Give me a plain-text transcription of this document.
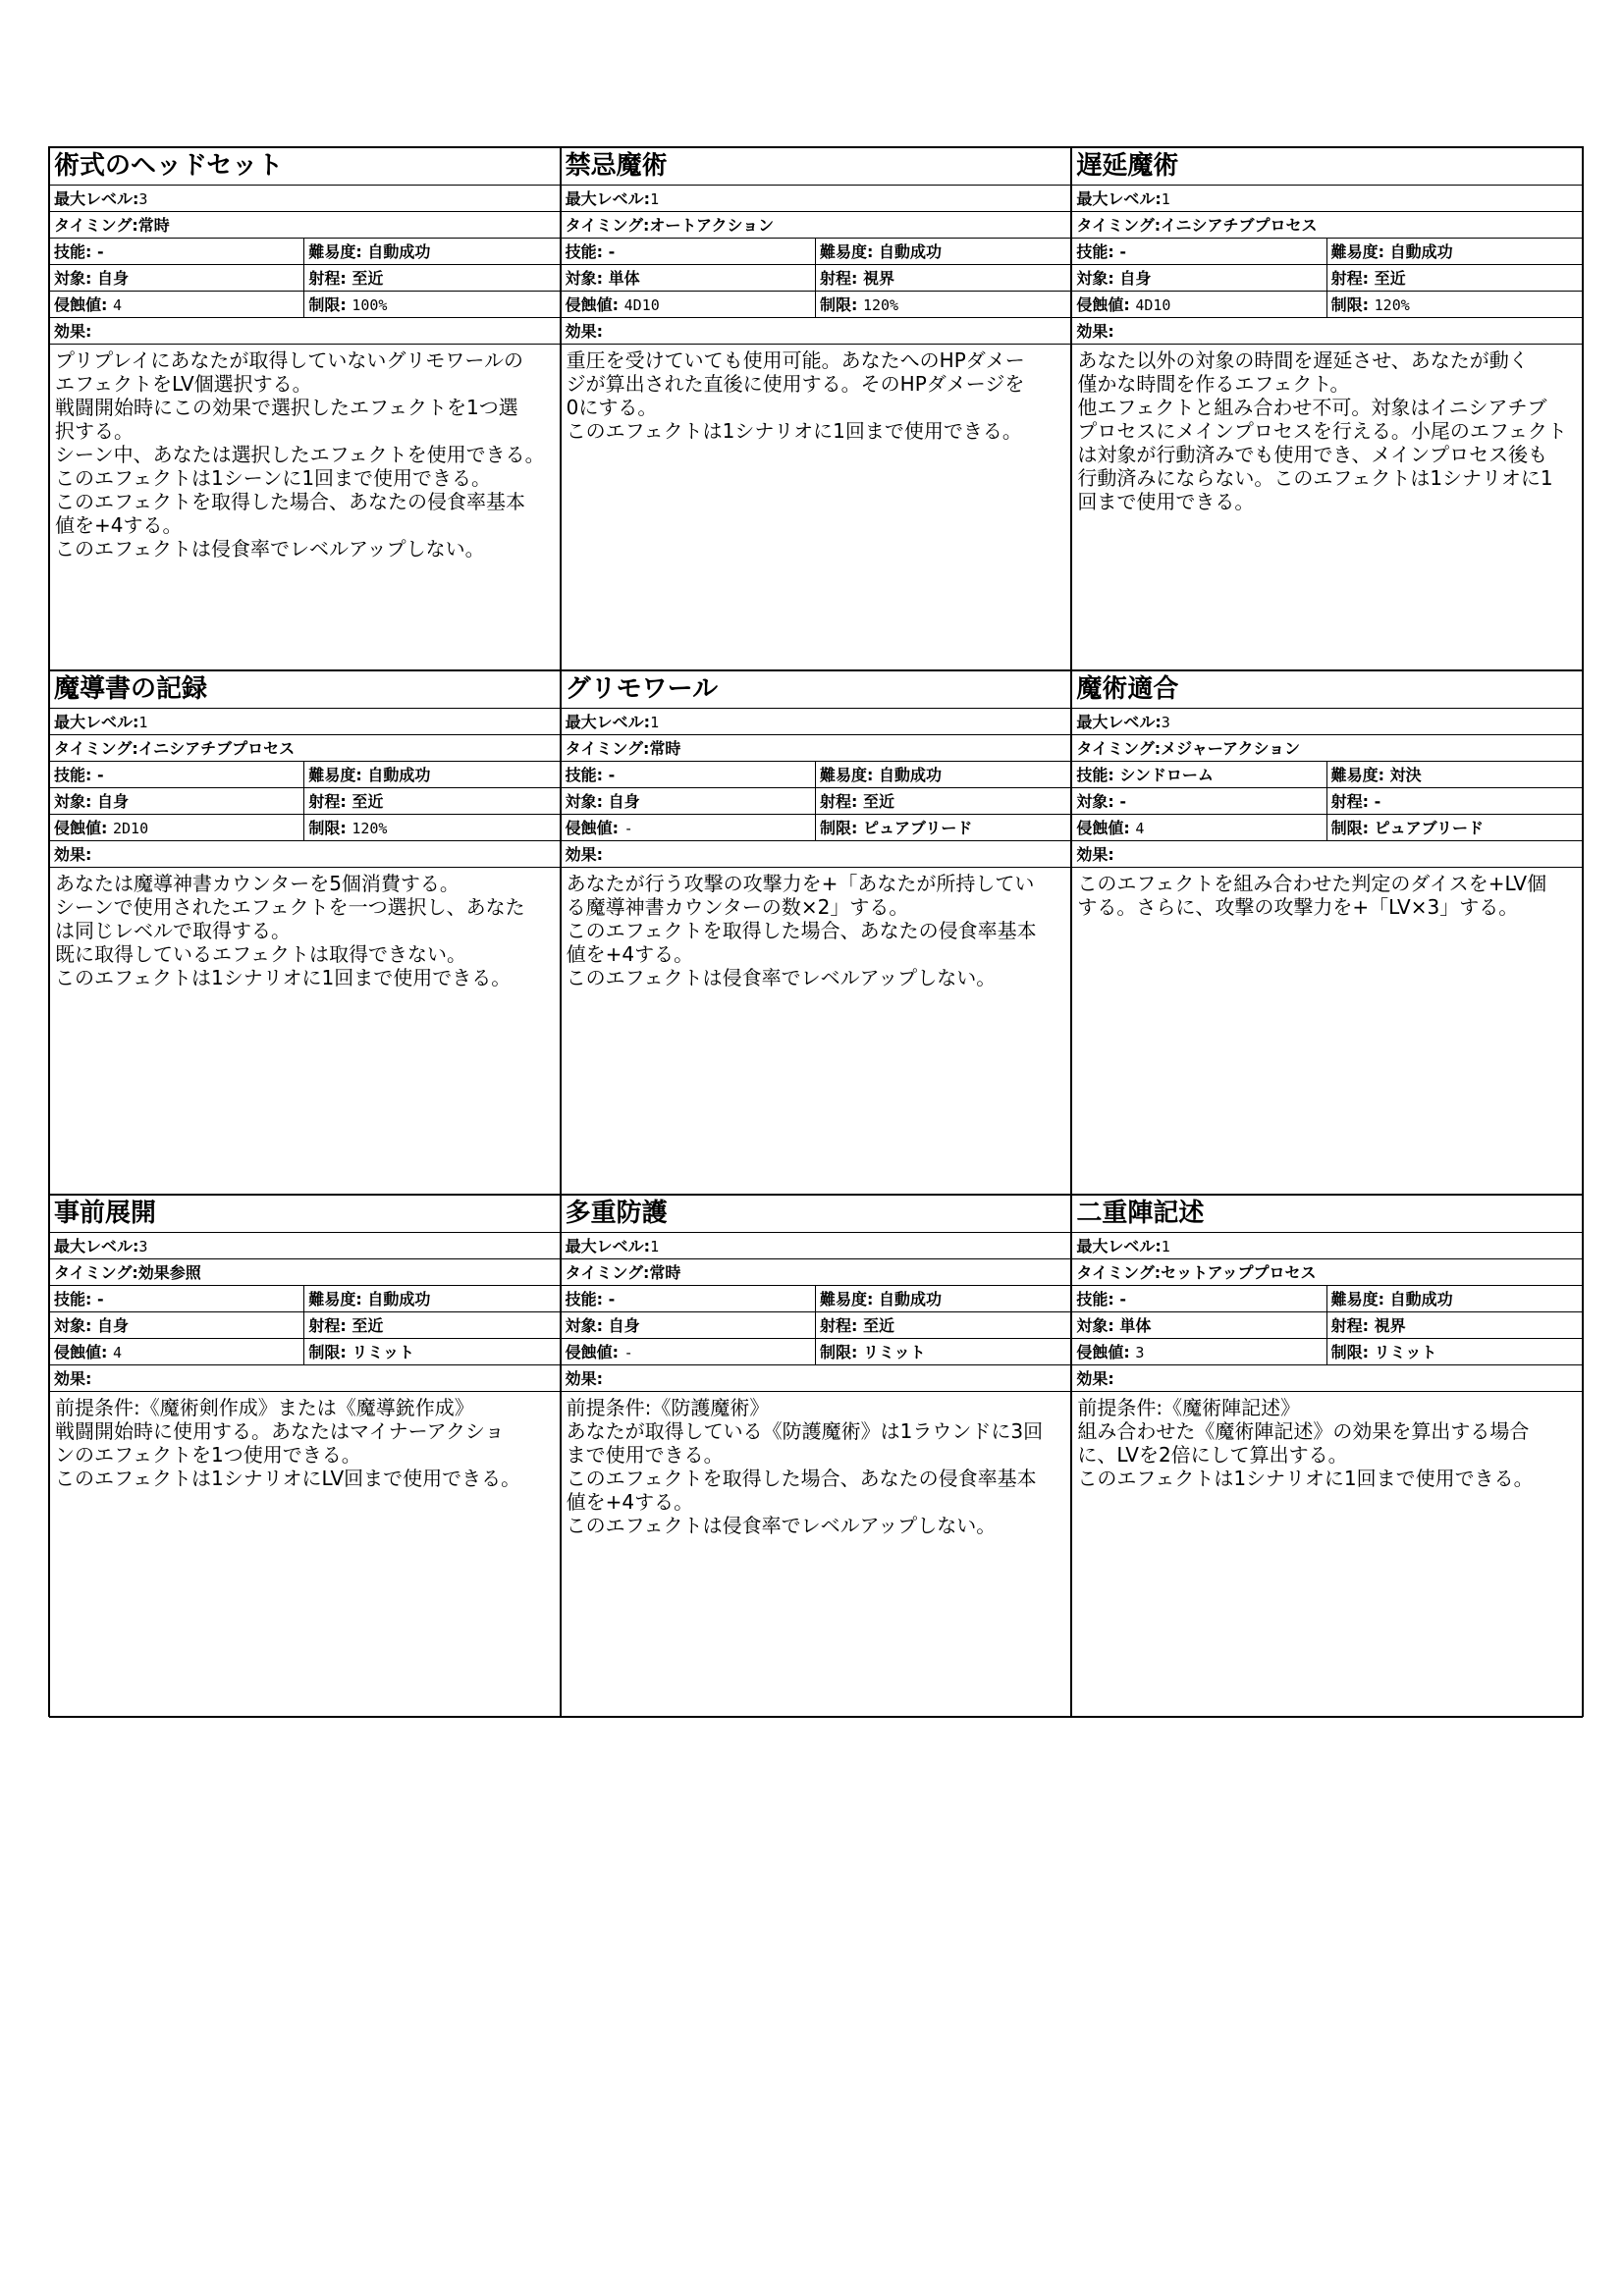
術式のヘッドセット
最大レベル:3
タイミング:常時
技能: -	難易度: 自動成功
対象: 自身	射程: 至近
侵蝕値: 4	制限: 100%
効果:
プリプレイにあなたが取得していないグリモワールの
エフェクトをLV個選択する。
戦闘開始時にこの効果で選択したエフェクトを1つ選
択する。
シーン中、あなたは選択したエフェクトを使用できる。
このエフェクトは1シーンに1回まで使用できる。
このエフェクトを取得した場合、あなたの侵食率基本
値を+4する。
このエフェクトは侵食率でレベルアップしない。
禁忌魔術
最大レベル:1
タイミング:オートアクション
技能: -	難易度: 自動成功
対象: 単体	射程: 視界
侵蝕値: 4D10	制限: 120%
効果:
重圧を受けていても使用可能。あなたへのHPダメー
ジが算出された直後に使用する。そのHPダメージを
0にする。
このエフェクトは1シナリオに1回まで使用できる。
遅延魔術
最大レベル:1
タイミング:イニシアチブプロセス
技能: -	難易度: 自動成功
対象: 自身	射程: 至近
侵蝕値: 4D10	制限: 120%
効果:
あなた以外の対象の時間を遅延させ、あなたが動く
僅かな時間を作るエフェクト。
他エフェクトと組み合わせ不可。対象はイニシアチブ
プロセスにメインプロセスを行える。小尾のエフェクト
は対象が行動済みでも使用でき、メインプロセス後も
行動済みにならない。このエフェクトは1シナリオに1
回まで使用できる。
魔導書の記録
最大レベル:1
タイミング:イニシアチブプロセス
技能: -	難易度: 自動成功
対象: 自身	射程: 至近
侵蝕値: 2D10	制限: 120%
効果:
あなたは魔導神書カウンターを5個消費する。
シーンで使用されたエフェクトを一つ選択し、あなた
は同じレベルで取得する。
既に取得しているエフェクトは取得できない。
このエフェクトは1シナリオに1回まで使用できる。
グリモワール
最大レベル:1
タイミング:常時
技能: -	難易度: 自動成功
対象: 自身	射程: 至近
侵蝕値: -	制限: ピュアブリード
効果:
あなたが行う攻撃の攻撃力を+「あなたが所持してい
る魔導神書カウンターの数×2」する。
このエフェクトを取得した場合、あなたの侵食率基本
値を+4する。
このエフェクトは侵食率でレベルアップしない。
魔術適合
最大レベル:3
タイミング:メジャーアクション
技能: シンドローム	難易度: 対決
対象: -	射程: -
侵蝕値: 4	制限: ピュアブリード
効果:
このエフェクトを組み合わせた判定のダイスを+LV個
する。さらに、攻撃の攻撃力を+「LV×3」する。
事前展開
最大レベル:3
タイミング:効果参照
技能: -	難易度: 自動成功
対象: 自身	射程: 至近
侵蝕値: 4	制限: リミット
効果:
前提条件:《魔術剣作成》または《魔導銃作成》
戦闘開始時に使用する。あなたはマイナーアクショ
ンのエフェクトを1つ使用できる。
このエフェクトは1シナリオにLV回まで使用できる。
多重防護
最大レベル:1
タイミング:常時
技能: -	難易度: 自動成功
対象: 自身	射程: 至近
侵蝕値: -	制限: リミット
効果:
前提条件:《防護魔術》
あなたが取得している《防護魔術》は1ラウンドに3回
まで使用できる。
このエフェクトを取得した場合、あなたの侵食率基本
値を+4する。
このエフェクトは侵食率でレベルアップしない。
二重陣記述
最大レベル:1
タイミング:セットアッププロセス
技能: -	難易度: 自動成功
対象: 単体	射程: 視界
侵蝕値: 3	制限: リミット
効果:
前提条件:《魔術陣記述》
組み合わせた《魔術陣記述》の効果を算出する場合
に、LVを2倍にして算出する。
このエフェクトは1シナリオに1回まで使用できる。
